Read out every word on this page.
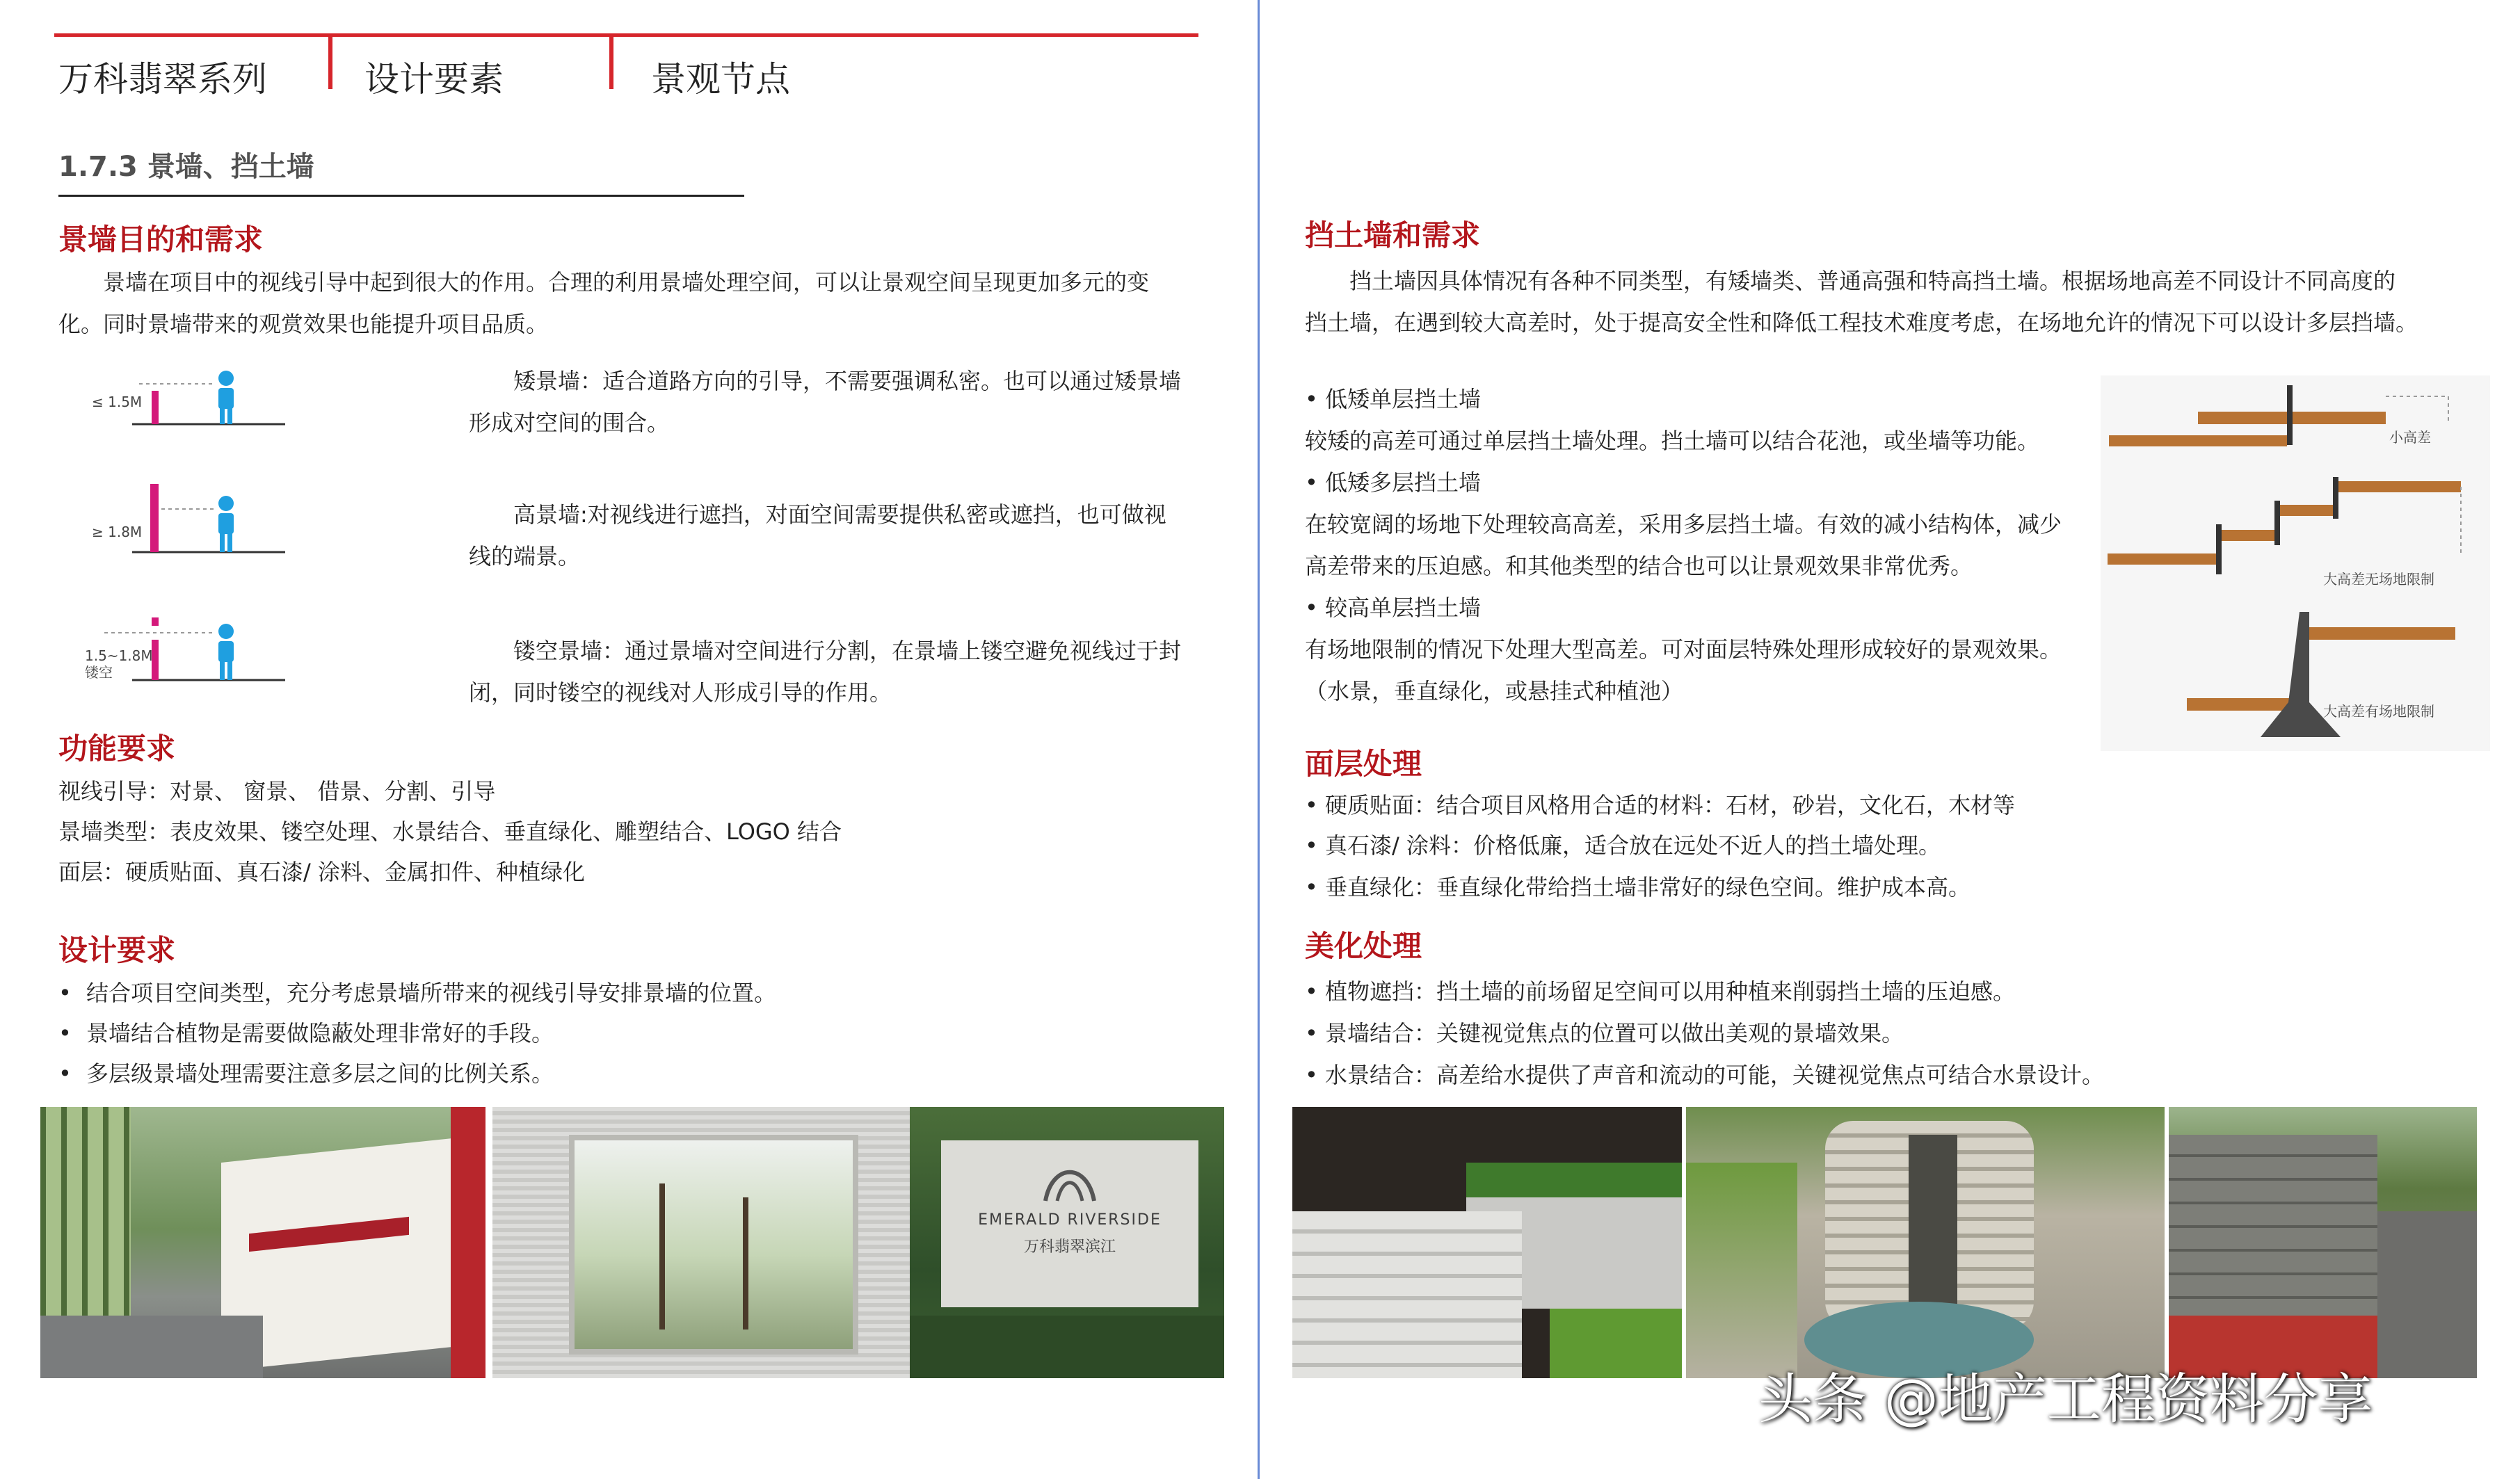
万科翡翠系列	设计要素	景观节点
1.7.3 景墙、挡土墙
景墙目的和需求
景墙在项目中的视线引导中起到很大的作用。合理的利用景墙处理空间，可以让景观空间呈现更加多元的变
化。同时景墙带来的观赏效果也能提升项目品质。
≤ 1.5M
≥ 1.8M
1.5~1.8M
镂空
矮景墙：适合道路方向的引导，不需要强调私密。也可以通过矮景墙
形成对空间的围合。
高景墙:对视线进行遮挡，对面空间需要提供私密或遮挡，也可做视
线的端景。
镂空景墙：通过景墙对空间进行分割，在景墙上镂空避免视线过于封
闭，同时镂空的视线对人形成引导的作用。
功能要求
视线引导：对景、 窗景、 借景、分割、引导
景墙类型：表皮效果、镂空处理、水景结合、垂直绿化、雕塑结合、LOGO 结合
面层：硬质贴面、真石漆/ 涂料、金属扣件、种植绿化
设计要求
• 结合项目空间类型，充分考虑景墙所带来的视线引导安排景墙的位置。
• 景墙结合植物是需要做隐蔽处理非常好的手段。
• 多层级景墙处理需要注意多层之间的比例关系。
EMERALD RIVERSIDE
万科翡翠滨江
挡土墙和需求
挡土墙因具体情况有各种不同类型，有矮墙类、普通高强和特高挡土墙。根据场地高差不同设计不同高度的
挡土墙，在遇到较大高差时，处于提高安全性和降低工程技术难度考虑，在场地允许的情况下可以设计多层挡墙。
• 低矮单层挡土墙
较矮的高差可通过单层挡土墙处理。挡土墙可以结合花池，或坐墙等功能。
• 低矮多层挡土墙
在较宽阔的场地下处理较高高差，采用多层挡土墙。有效的减小结构体，减少
高差带来的压迫感。和其他类型的结合也可以让景观效果非常优秀。
• 较高单层挡土墙
有场地限制的情况下处理大型高差。可对面层特殊处理形成较好的景观效果。
（水景，垂直绿化，或悬挂式种植池）
小高差
大高差无场地限制
大高差有场地限制
面层处理
• 硬质贴面：结合项目风格用合适的材料：石材，砂岩，文化石，木材等
• 真石漆/ 涂料：价格低廉，适合放在远处不近人的挡土墙处理。
• 垂直绿化：垂直绿化带给挡土墙非常好的绿色空间。维护成本高。
美化处理
• 植物遮挡：挡土墙的前场留足空间可以用种植来削弱挡土墙的压迫感。
• 景墙结合：关键视觉焦点的位置可以做出美观的景墙效果。
• 水景结合：高差给水提供了声音和流动的可能，关键视觉焦点可结合水景设计。
头条 @地产工程资料分享
